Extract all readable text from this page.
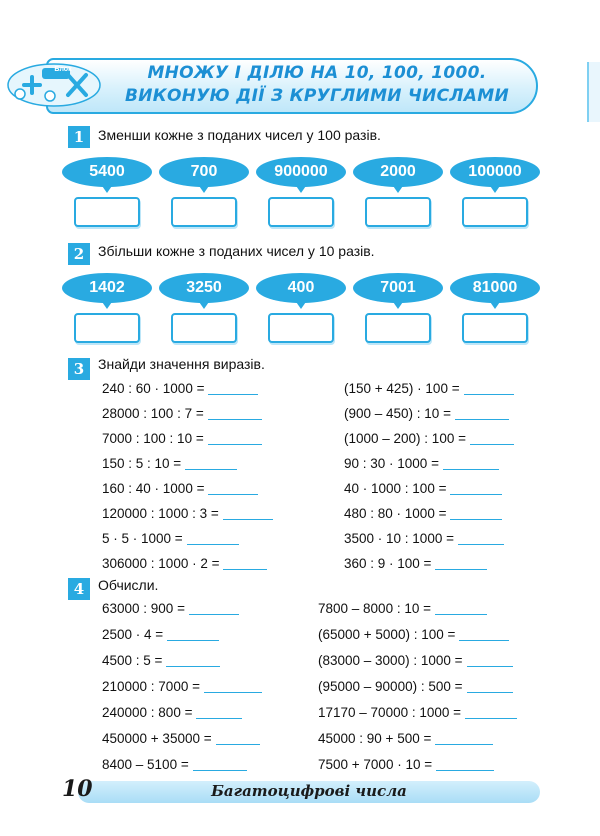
Блок	МНОЖУ І ДІЛЮ НА 10, 100, 1000.
ВИКОНУЮ ДІЇ З КРУГЛИМИ ЧИСЛАМИ
1 Зменши кожне з поданих чисел у 100 разів.
5400	700	900000	2000	100000
2 Збільши кожне з поданих чисел у 10 разів.
1402	3250	400	7001	81000
3 Знайди значення виразів.
240 : 60 · 1000 =
28000 : 100 : 7 =
7000 : 100 : 10 =
150 : 5 : 10 =
160 : 40 · 1000 =
120000 : 1000 : 3 =
5 · 5 · 1000 =
306000 : 1000 · 2 =
(150 + 425) · 100 =
(900 – 450) : 10 =
(1000 – 200) : 100 =
90 : 30 · 1000 =
40 · 1000 : 100 =
480 : 80 · 1000 =
3500 · 10 : 1000 =
360 : 9 · 100 =
4 Обчисли.
63000 : 900 =
2500 · 4 =
4500 : 5 =
210000 : 7000 =
240000 : 800 =
450000 + 35000 =
8400 – 5100 =
7800 – 8000 : 10 =
(65000 + 5000) : 100 =
(83000 – 3000) : 1000 =
(95000 – 90000) : 500 =
17170 – 70000 : 1000 =
45000 : 90 + 500 =
7500 + 7000 · 10 =
10	Багатоцифрові числа
